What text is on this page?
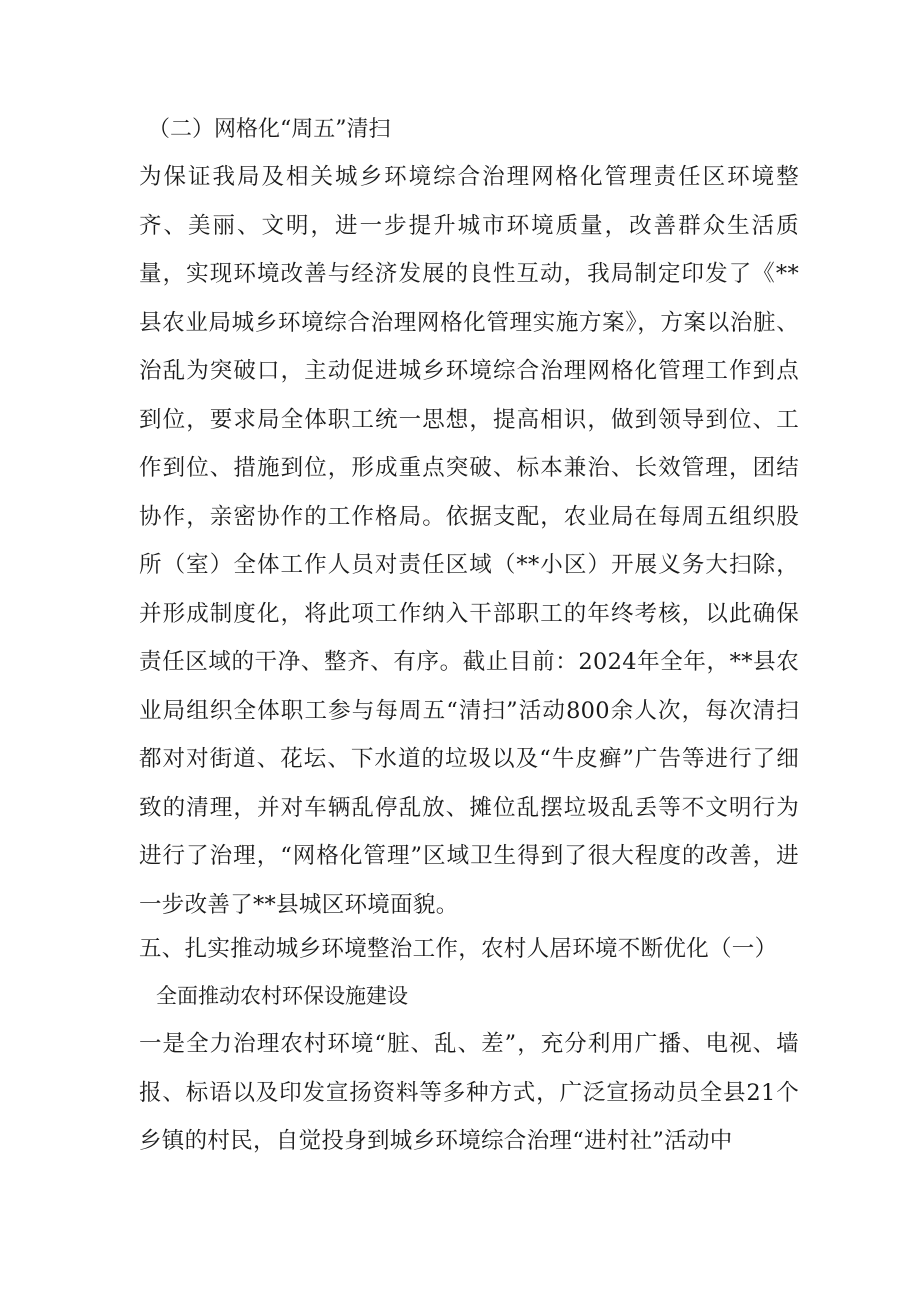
（二）网格化“周五”清扫
为保证我局及相关城乡环境综合治理网格化管理责任区环境整齐、美丽、文明，进一步提升城市环境质量，改善群众生活质量，实现环境改善与经济发展的良性互动，我局制定印发了《**县农业局城乡环境综合治理网格化管理实施方案》，方案以治脏、治乱为突破口，主动促进城乡环境综合治理网格化管理工作到点到位，要求局全体职工统一思想，提高相识，做到领导到位、工作到位、措施到位，形成重点突破、标本兼治、长效管理，团结协作，亲密协作的工作格局。依据支配，农业局在每周五组织股所（室）全体工作人员对责任区域（**小区）开展义务大扫除，并形成制度化，将此项工作纳入干部职工的年终考核，以此确保责任区域的干净、整齐、有序。截止目前：2024年全年，**县农业局组织全体职工参与每周五“清扫”活动800余人次，每次清扫都对对街道、花坛、下水道的垃圾以及“牛皮癣”广告等进行了细致的清理，并对车辆乱停乱放、摊位乱摆垃圾乱丢等不文明行为进行了治理，“网格化管理”区域卫生得到了很大程度的改善，进一步改善了**县城区环境面貌。
五、扎实推动城乡环境整治工作，农村人居环境不断优化（一）
全面推动农村环保设施建设
一是全力治理农村环境“脏、乱、差”，充分利用广播、电视、墙报、标语以及印发宣扬资料等多种方式，广泛宣扬动员全县21个乡镇的村民，自觉投身到城乡环境综合治理“进村社”活动中
